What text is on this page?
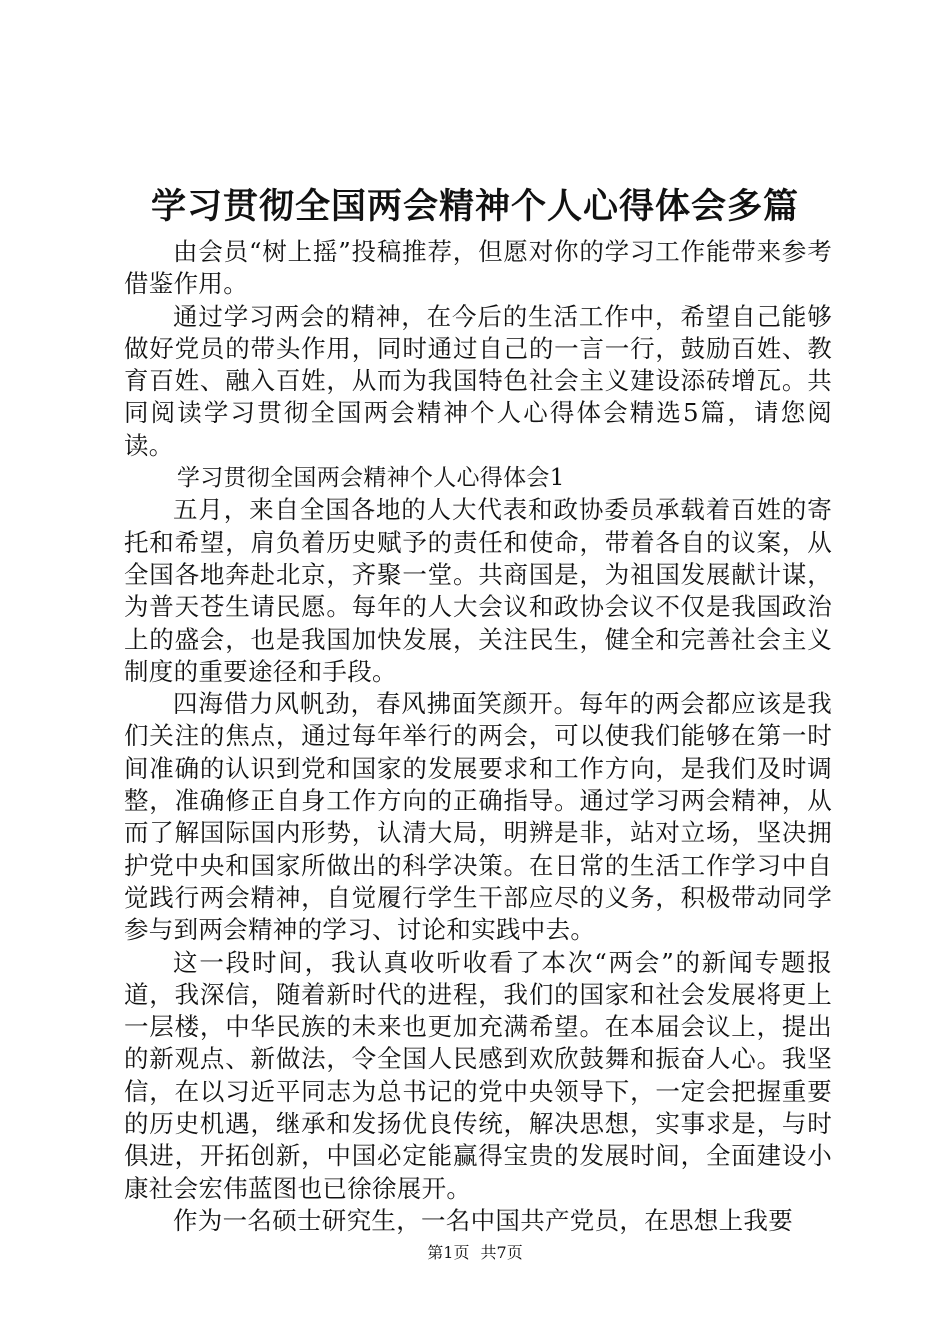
学习贯彻全国两会精神个人心得体会多篇

由会员“树上摇”投稿推荐，但愿对你的学习工作能带来参考借鉴作用。

通过学习两会的精神，在今后的生活工作中，希望自己能够做好党员的带头作用，同时通过自己的一言一行，鼓励百姓、教育百姓、融入百姓，从而为我国特色社会主义建设添砖增瓦。共同阅读学习贯彻全国两会精神个人心得体会精选5篇，请您阅读。

学习贯彻全国两会精神个人心得体会1

五月，来自全国各地的人大代表和政协委员承载着百姓的寄托和希望，肩负着历史赋予的责任和使命，带着各自的议案，从全国各地奔赴北京，齐聚一堂。共商国是，为祖国发展献计谋，为普天苍生请民愿。每年的人大会议和政协会议不仅是我国政治上的盛会，也是我国加快发展，关注民生，健全和完善社会主义制度的重要途径和手段。

四海借力风帆劲，春风拂面笑颜开。每年的两会都应该是我们关注的焦点，通过每年举行的两会，可以使我们能够在第一时间准确的认识到党和国家的发展要求和工作方向，是我们及时调整，准确修正自身工作方向的正确指导。通过学习两会精神，从而了解国际国内形势，认清大局，明辨是非，站对立场，坚决拥护党中央和国家所做出的科学决策。在日常的生活工作学习中自觉践行两会精神，自觉履行学生干部应尽的义务，积极带动同学参与到两会精神的学习、讨论和实践中去。

这一段时间，我认真收听收看了本次“两会”的新闻专题报道，我深信，随着新时代的进程，我们的国家和社会发展将更上一层楼，中华民族的未来也更加充满希望。在本届会议上，提出的新观点、新做法，令全国人民感到欢欣鼓舞和振奋人心。我坚信，在以习近平同志为总书记的党中央领导下，一定会把握重要的历史机遇，继承和发扬优良传统，解决思想，实事求是，与时俱进，开拓创新，中国必定能赢得宝贵的发展时间，全面建设小康社会宏伟蓝图也已徐徐展开。

作为一名硕士研究生，一名中国共产党员，在思想上我要

第1页 共7页
